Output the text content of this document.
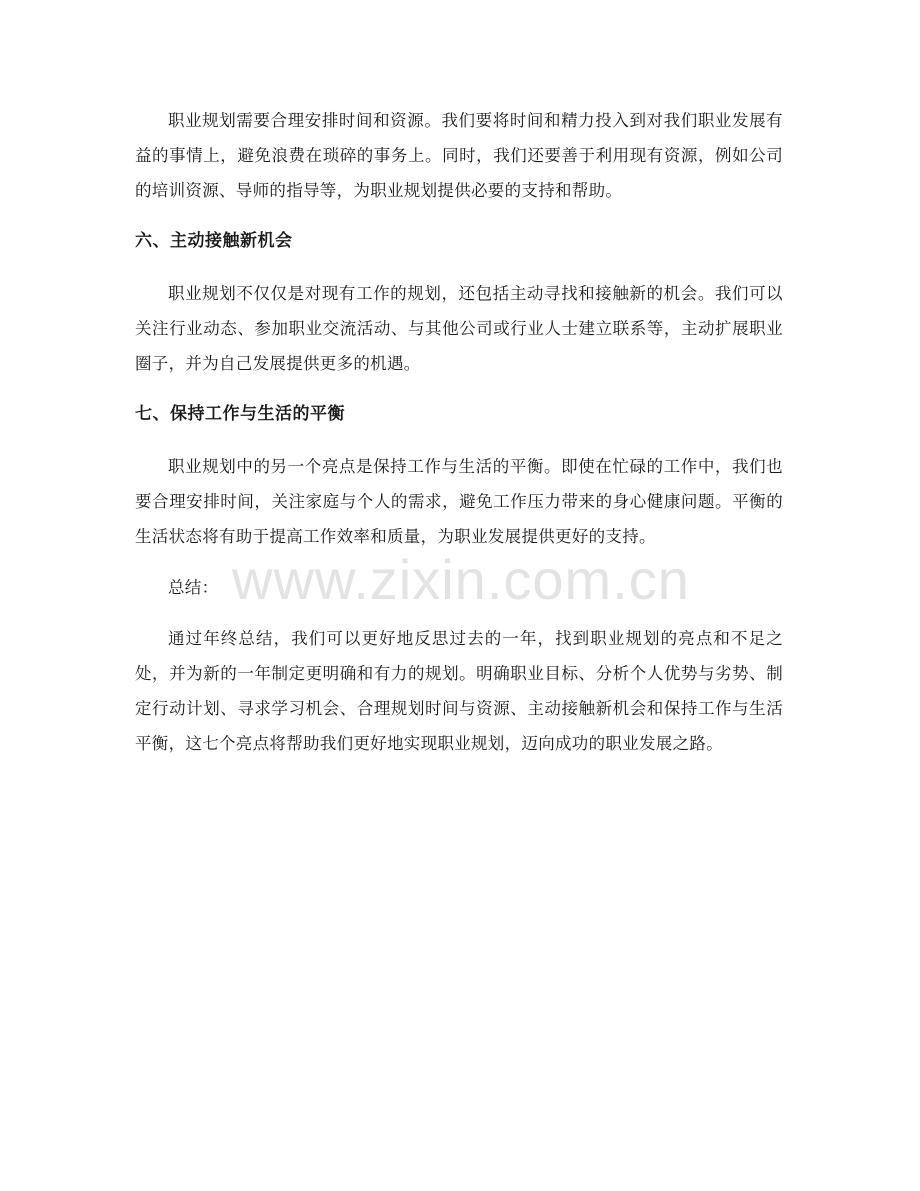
www.zixin.com.cn

职业规划需要合理安排时间和资源。我们要将时间和精力投入到对我们职业发展有益的事情上，避免浪费在琐碎的事务上。同时，我们还要善于利用现有资源，例如公司的培训资源、导师的指导等，为职业规划提供必要的支持和帮助。

六、主动接触新机会

职业规划不仅仅是对现有工作的规划，还包括主动寻找和接触新的机会。我们可以关注行业动态、参加职业交流活动、与其他公司或行业人士建立联系等，主动扩展职业圈子，并为自己发展提供更多的机遇。

七、保持工作与生活的平衡

职业规划中的另一个亮点是保持工作与生活的平衡。即使在忙碌的工作中，我们也要合理安排时间，关注家庭与个人的需求，避免工作压力带来的身心健康问题。平衡的生活状态将有助于提高工作效率和质量，为职业发展提供更好的支持。

总结：

通过年终总结，我们可以更好地反思过去的一年，找到职业规划的亮点和不足之处，并为新的一年制定更明确和有力的规划。明确职业目标、分析个人优势与劣势、制定行动计划、寻求学习机会、合理规划时间与资源、主动接触新机会和保持工作与生活平衡，这七个亮点将帮助我们更好地实现职业规划，迈向成功的职业发展之路。
